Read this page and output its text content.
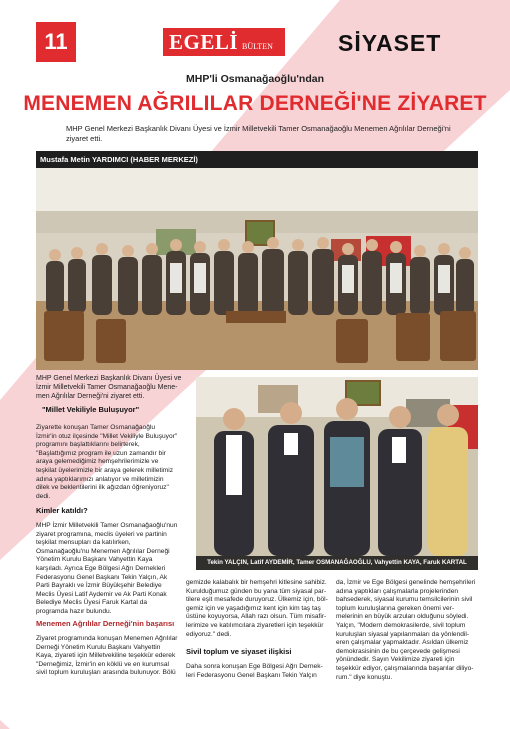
11	EGELİ BÜLTEN	SİYASET
MHP'li Osmanağaoğlu'ndan
MENEMEN AĞRILILAR DERNEĞİ'NE ZİYARET
MHP Genel Merkezi Başkanlık Divanı Üyesi ve İzmir Milletvekili Tamer Osmanağaoğlu Menemen Ağrılılar Derneği'ni
ziyaret etti.
Mustafa Metin YARDIMCI (HABER MERKEZİ)
MHP Genel Merkezi Başkanlık Divanı Üyesi ve
İzmir Milletvekili Tamer Osmanağaoğlu Mene-
men Ağrılılar Derneği'ni ziyaret etti.
"Millet Vekiliyle Buluşuyor"
Ziyarette konuşan Tamer Osmanağaoğlu
İzmir'in otuz ilçesinde "Millet Vekiliyle Buluşuyor"
programını başlattıklarını belirterek,
"Başlattığımız program ile uzun zamandır bir
araya gelemediğimiz hemşehrilerimizle ve
teşkilat üyelerimizle bir araya gelerek milletimiz
adına yaptıklarımızı anlatıyor ve milletimizin
dilek ve beklentilerini ilk ağızdan öğreniyoruz"
dedi.
Kimler katıldı?
MHP İzmir Milletvekili Tamer Osmanağaoğlu'nun
ziyaret programına, meclis üyeleri ve partinin
teşkilat mensupları da katılırken,
Osmanağaoğlu'nu Menemen Ağrılılar Derneği
Yönetim Kurulu Başkanı Vahyettin Kaya
karşıladı. Ayrıca Ege Bölgesi Ağrı Dernekleri
Federasyonu Genel Başkanı Tekin Yalçın, Ak
Parti Bayraklı ve İzmir Büyükşehir Belediye
Meclis Üyesi Latif Aydemir ve Ak Parti Konak
Belediye Meclis Üyesi Faruk Kartal da
programda hazır bulundu.
Menemen Ağrılılar Derneği'nin başarısı
Ziyaret programında konuşan Menemen Ağrılılar
Derneği Yönetim Kurulu Başkanı Vahyettin
Kaya, ziyareti için Milletvekiline teşekkür ederek
"Derneğimiz, İzmir'in en köklü ve en kurumsal
sivil toplum kuruluşları arasında bulunuyor. Bölü
Tekin YALÇIN, Latif AYDEMİR, Tamer OSMANAĞAOĞLU, Vahyettin KAYA, Faruk KARTAL
gemizde kalabalık bir hemşehri kitlesine sahibiz.
Kurulduğumuz günden bu yana tüm siyasal par-
tilere eşit mesafede duruyoruz. Ülkemiz için, böl-
gemiz için ve yaşadığımız kent için kim taş taş
üstüne koyuyorsa, Allah razı olsun. Tüm misafir-
lerimize ve katılımcılara ziyaretleri için teşekkür
ediyoruz." dedi.
Sivil toplum ve siyaset ilişkisi
Daha sonra konuşan Ege Bölgesi Ağrı Dernek-
leri Federasyonu Genel Başkanı Tekin Yalçın
da, İzmir ve Ege Bölgesi genelinde hemşehrileri
adına yaptıkları çalışmalarla projelerinden
bahsederek, siyasal kurumu temsilcilerinin sivil
toplum kuruluşlarına gereken önemi ver-
melerinin en büyük arzuları olduğunu söyledi.
Yalçın, "Modern demokrasilerde, sivil toplum
kuruluşları siyasal yapılanmaları da yönlendil-
eren çalışmalar yapmaktadır. Asıldan ülkemiz
demokrasisinin de bu çerçevede gelişmesi
yönündedir. Sayın Vekilimize ziyareti için
teşekkür ediyor, çalışmalarında başarılar diliyo-
rum." diye konuştu.
